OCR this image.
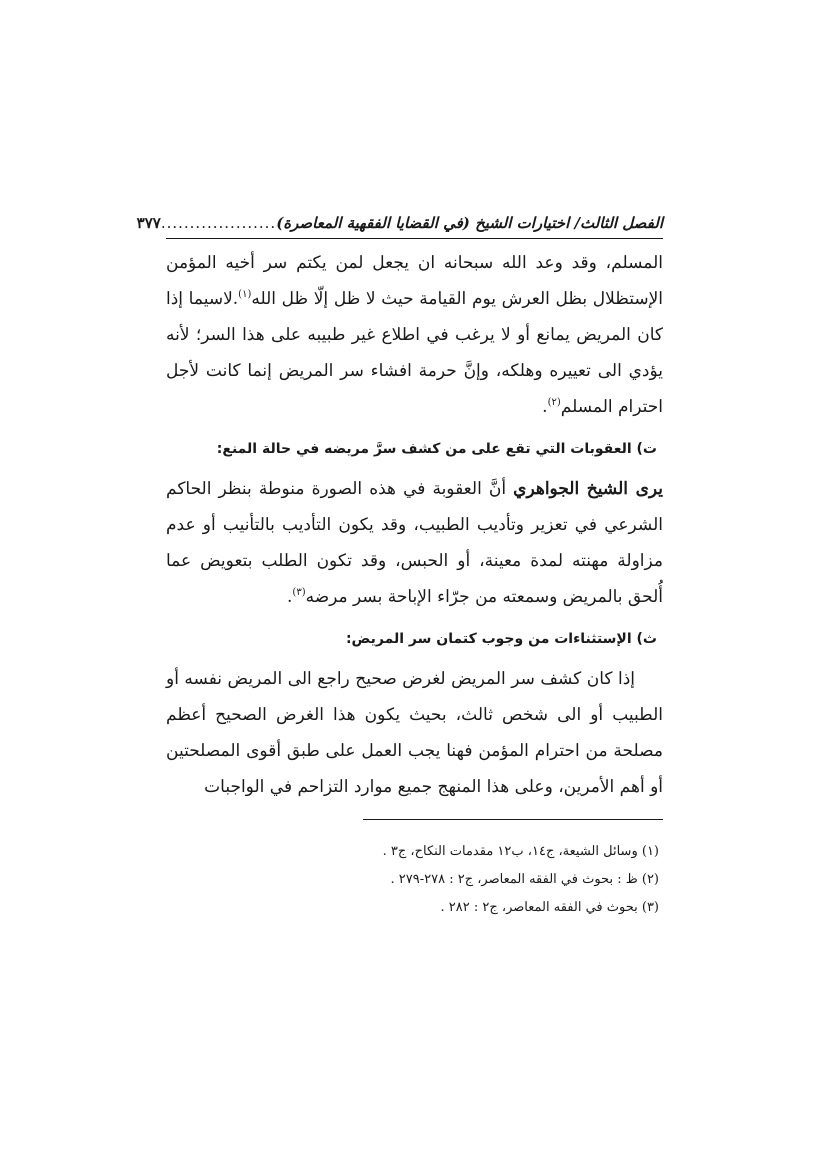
الفصل الثالث/ اختيارات الشيخ (في القضايا الفقهية المعاصرة)
....................
٣٧٧

المسلم، وقد وعد الله سبحانه ان يجعل لمن يكتم سر أخيه المؤمن الإستظلال بظل العرش يوم القيامة حيث لا ظل إلّا ظل الله$^{(١)}$.لاسيما إذا كان المريض يمانع أو لا يرغب في اطلاع غير طبيبه على هذا السر؛ لأنه يؤدي الى تعييره وهلكه، وإنَّ حرمة افشاء سر المريض إنما كانت لأجل احترام المسلم$^{(٢)}$.

ت) العقوبات التي تقع على من كشف سرَّ مريضه في حالة المنع:

يرى الشيخ الجواهري أنَّ العقوبة في هذه الصورة منوطة بنظر الحاكم الشرعي في تعزير وتأديب الطبيب، وقد يكون التأديب بالتأنيب أو عدم مزاولة مهنته لمدة معينة، أو الحبس، وقد تكون الطلب بتعويض عما أُلحق بالمريض وسمعته من جرّاء الإباحة بسر مرضه$^{(٣)}$.

ث) الإستثناءات من وجوب كتمان سر المريض:

إذا كان كشف سر المريض لغرض صحيح راجع الى المريض نفسه أو الطبيب أو الى شخص ثالث، بحيث يكون هذا الغرض الصحيح أعظم مصلحة من احترام المؤمن فهنا يجب العمل على طبق أقوى المصلحتين أو أهم الأمرين، وعلى هذا المنهج جميع موارد التزاحم في الواجبات

(١) وسائل الشيعة، ج١٤، ب١٢ مقدمات النكاح، ج٣ .

(٢) ظ : بحوث في الفقه المعاصر، ج٢ : ٢٧٨-٢٧٩ .

(٣) بحوث في الفقه المعاصر، ج٢ : ٢٨٢ .
